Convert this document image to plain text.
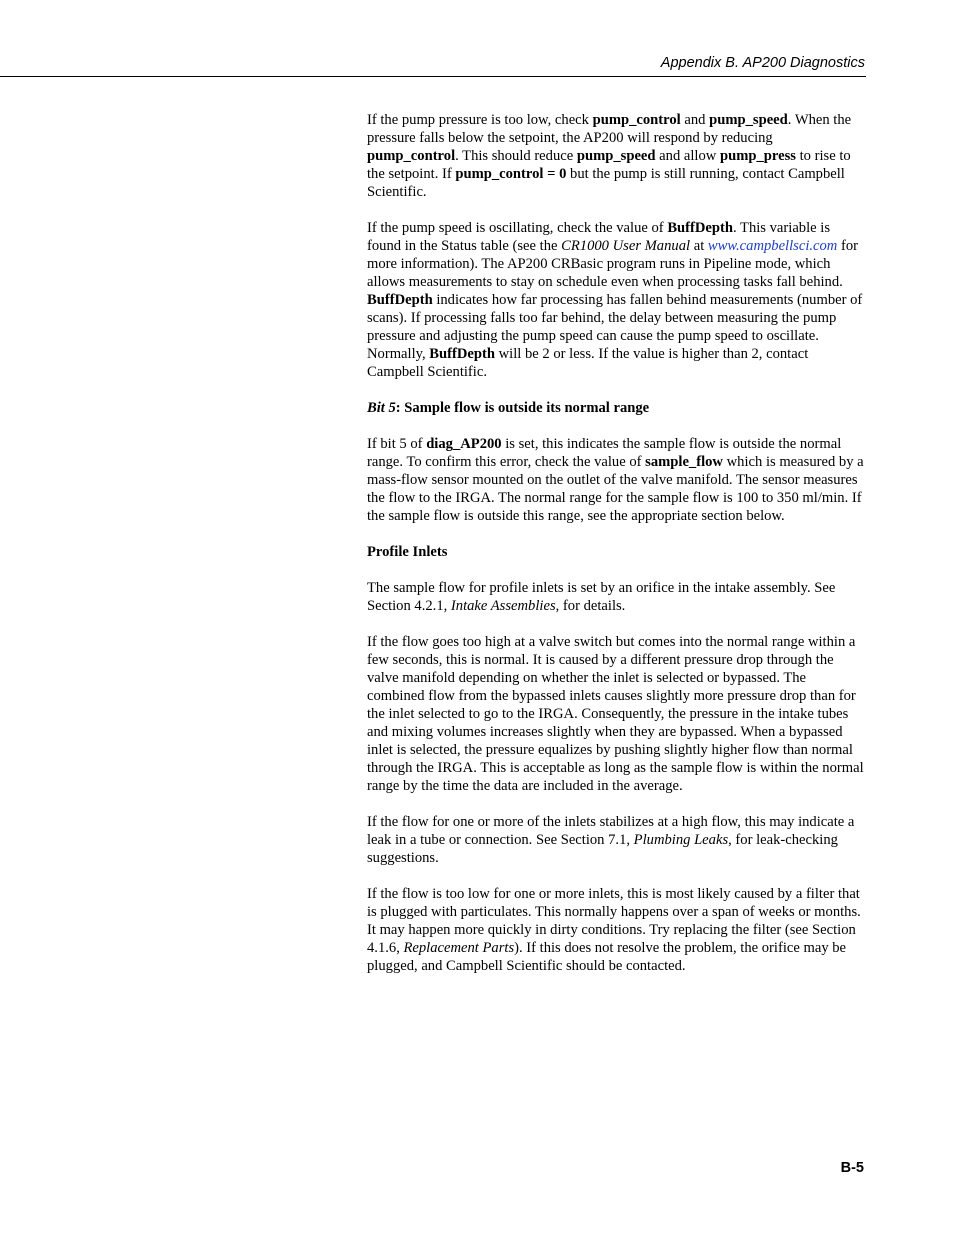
Appendix B. AP200 Diagnostics

If the pump pressure is too low, check pump_control and pump_speed. When the pressure falls below the setpoint, the AP200 will respond by reducing pump_control. This should reduce pump_speed and allow pump_press to rise to the setpoint. If pump_control = 0 but the pump is still running, contact Campbell Scientific.

If the pump speed is oscillating, check the value of BuffDepth. This variable is found in the Status table (see the CR1000 User Manual at www.campbellsci.com for more information). The AP200 CRBasic program runs in Pipeline mode, which allows measurements to stay on schedule even when processing tasks fall behind. BuffDepth indicates how far processing has fallen behind measurements (number of scans). If processing falls too far behind, the delay between measuring the pump pressure and adjusting the pump speed can cause the pump speed to oscillate. Normally, BuffDepth will be 2 or less. If the value is higher than 2, contact Campbell Scientific.

Bit 5: Sample flow is outside its normal range

If bit 5 of diag_AP200 is set, this indicates the sample flow is outside the normal range. To confirm this error, check the value of sample_flow which is measured by a mass-flow sensor mounted on the outlet of the valve manifold. The sensor measures the flow to the IRGA. The normal range for the sample flow is 100 to 350 ml/min. If the sample flow is outside this range, see the appropriate section below.

Profile Inlets

The sample flow for profile inlets is set by an orifice in the intake assembly. See Section 4.2.1, Intake Assemblies, for details.

If the flow goes too high at a valve switch but comes into the normal range within a few seconds, this is normal. It is caused by a different pressure drop through the valve manifold depending on whether the inlet is selected or bypassed. The combined flow from the bypassed inlets causes slightly more pressure drop than for the inlet selected to go to the IRGA. Consequently, the pressure in the intake tubes and mixing volumes increases slightly when they are bypassed. When a bypassed inlet is selected, the pressure equalizes by pushing slightly higher flow than normal through the IRGA. This is acceptable as long as the sample flow is within the normal range by the time the data are included in the average.

If the flow for one or more of the inlets stabilizes at a high flow, this may indicate a leak in a tube or connection. See Section 7.1, Plumbing Leaks, for leak-checking suggestions.

If the flow is too low for one or more inlets, this is most likely caused by a filter that is plugged with particulates. This normally happens over a span of weeks or months. It may happen more quickly in dirty conditions. Try replacing the filter (see Section 4.1.6, Replacement Parts). If this does not resolve the problem, the orifice may be plugged, and Campbell Scientific should be contacted.

B-5
